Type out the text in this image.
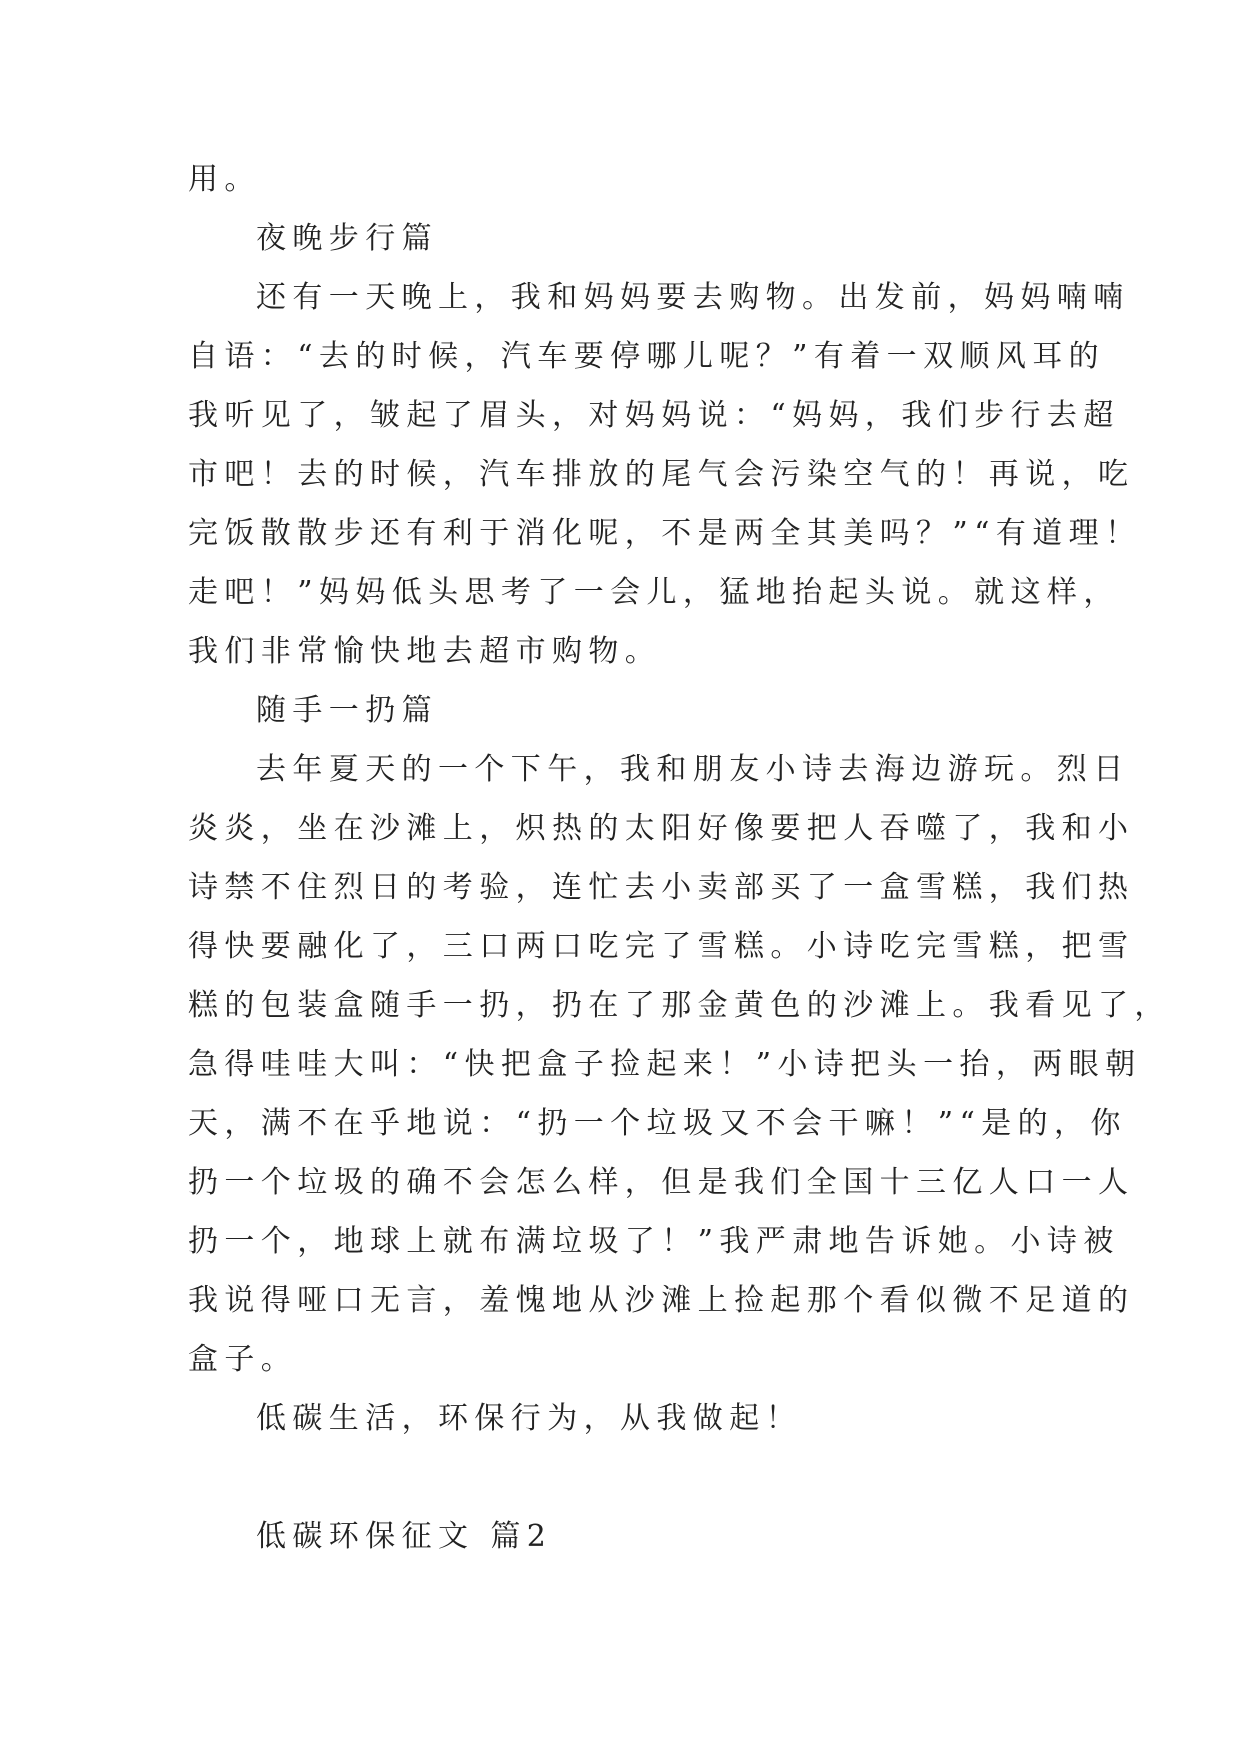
用。
夜晚步行篇
还有一天晚上，我和妈妈要去购物。出发前，妈妈喃喃
自语：“去的时候，汽车要停哪儿呢？”有着一双顺风耳的
我听见了，皱起了眉头，对妈妈说：“妈妈，我们步行去超
市吧！去的时候，汽车排放的尾气会污染空气的！再说，吃
完饭散散步还有利于消化呢，不是两全其美吗？”“有道理！
走吧！”妈妈低头思考了一会儿，猛地抬起头说。就这样，
我们非常愉快地去超市购物。
随手一扔篇
去年夏天的一个下午，我和朋友小诗去海边游玩。烈日
炎炎，坐在沙滩上，炽热的太阳好像要把人吞噬了，我和小
诗禁不住烈日的考验，连忙去小卖部买了一盒雪糕，我们热
得快要融化了，三口两口吃完了雪糕。小诗吃完雪糕，把雪
糕的包装盒随手一扔，扔在了那金黄色的沙滩上。我看见了，
急得哇哇大叫：“快把盒子捡起来！”小诗把头一抬，两眼朝
天，满不在乎地说：“扔一个垃圾又不会干嘛！”“是的，你
扔一个垃圾的确不会怎么样，但是我们全国十三亿人口一人
扔一个，地球上就布满垃圾了！”我严肃地告诉她。小诗被
我说得哑口无言，羞愧地从沙滩上捡起那个看似微不足道的
盒子。
低碳生活，环保行为，从我做起！
低碳环保征文 篇2
